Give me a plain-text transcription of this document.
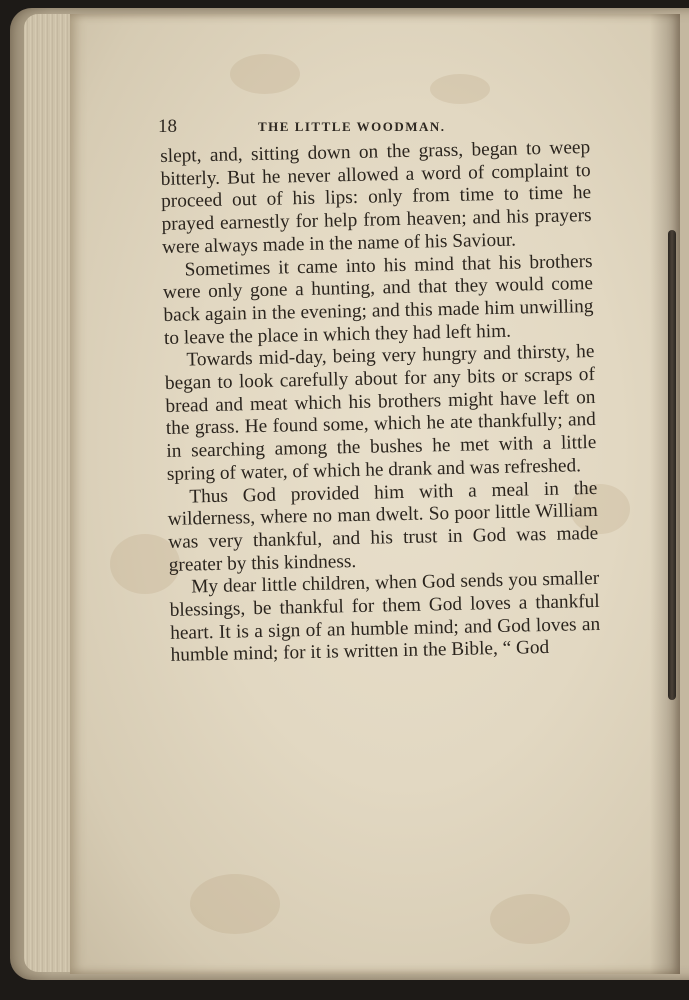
18	THE LITTLE WOODMAN.

slept, and, sitting down on the grass, began to weep bitterly. But he never allowed a word of complaint to proceed out of his lips: only from time to time he prayed earnestly for help from heaven; and his prayers were always made in the name of his Saviour.

Sometimes it came into his mind that his brothers were only gone a hunting, and that they would come back again in the evening; and this made him unwilling to leave the place in which they had left him.

Towards mid-day, being very hungry and thirsty, he began to look carefully about for any bits or scraps of bread and meat which his brothers might have left on the grass. He found some, which he ate thankfully; and in searching among the bushes he met with a little spring of water, of which he drank and was refreshed.

Thus God provided him with a meal in the wilderness, where no man dwelt. So poor little William was very thankful, and his trust in God was made greater by this kindness.

My dear little children, when God sends you smaller blessings, be thankful for them God loves a thankful heart. It is a sign of an humble mind; and God loves an humble mind; for it is written in the Bible, “ God
